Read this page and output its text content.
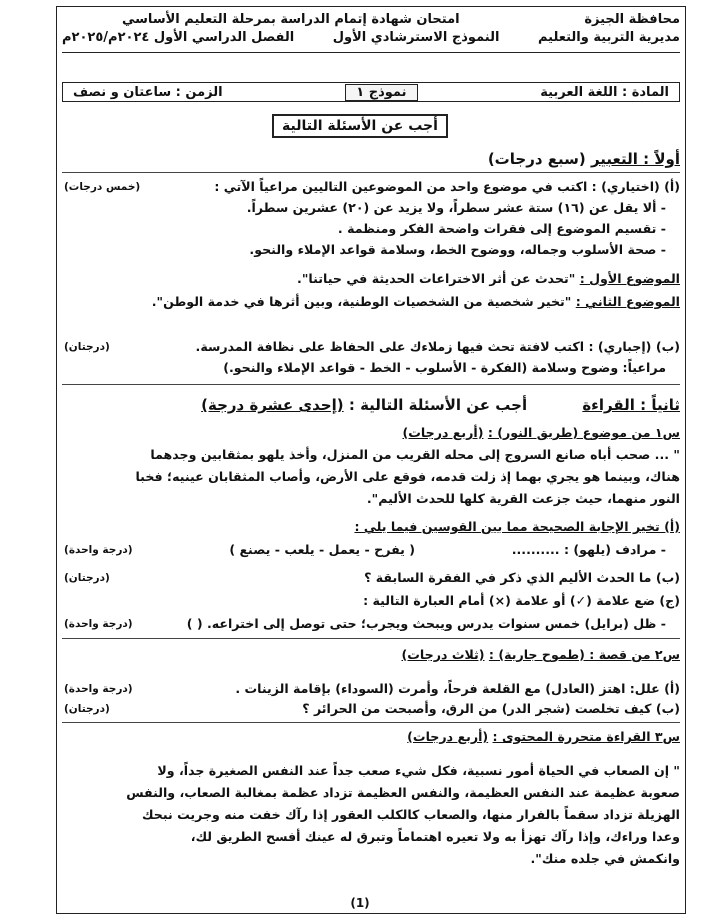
محافظة الجيزة
امتحان شهادة إتمام الدراسة بمرحلة التعليم الأساسي
مديرية التربية والتعليم
النموذج الاسترشادي الأول
الفصل الدراسي الأول ٢٠٢٤م/٢٠٢٥م
المادة : اللغة العربية
نموذج ١
الزمن : ساعتان و نصف
أجب عن الأسئلة التالية
أولاً : التعبير (سبع درجات)
(أ) (اختياري) : اكتب في موضوع واحد من الموضوعين التاليين مراعياً الآتي :
(خمس درجات)
- ألا يقل عن (١٦) ستة عشر سطراً، ولا يزيد عن (٢٠) عشرين سطراً.
- تقسيم الموضوع إلى فقرات واضحة الفكر ومنظمة .
- صحة الأسلوب وجماله، ووضوح الخط، وسلامة قواعد الإملاء والنحو.
الموضوع الأول : "تحدث عن أثر الاختراعات الحديثة في حياتنا".
الموضوع الثاني : "تخير شخصية من الشخصيات الوطنية، وبين أثرها في خدمة الوطن".
(ب) (إجباري) : اكتب لافتة تحث فيها زملاءك على الحفاظ على نظافة المدرسة.
(درجتان)
مراعياً: وضوح وسلامة (الفكرة - الأسلوب - الخط - قواعد الإملاء والنحو.)
ثانياً : القراءة أجب عن الأسئلة التالية : (إحدى عشرة درجة)
س١ من موضوع (طريق النور) : (أربع درجات)
" ... صحب أباه صانع السروج إلى محله القريب من المنزل، وأخذ يلهو بمثقابين وجدهما
هناك، وبينما هو يجري بهما إذ زلت قدمه، فوقع على الأرض، وأصاب المثقابان عينيه؛ فخبا
النور منهما، حيث جزعت القرية كلها للحدث الأليم".
(أ) تخير الإجابة الصحيحة مما بين القوسين فيما يلي :
- مرادف (يلهو) : ..........
( يفرح - يعمل - يلعب - يصنع )
(درجة واحدة)
(ب) ما الحدث الأليم الذي ذكر في الفقرة السابقة ؟
(درجتان)
(ج) ضع علامة (✓) أو علامة (×) أمام العبارة التالية :
- ظل (برايل) خمس سنوات يدرس ويبحث ويجرب؛ حتى توصل إلى اختراعه. ( )
(درجة واحدة)
س٢ من قصة : (طموح جارية) : (ثلاث درجات)
(أ) علل: اهتز (العادل) مع القلعة فرحاً، وأمرت (السوداء) بإقامة الزينات .
(درجة واحدة)
(ب) كيف تخلصت (شجر الدر) من الرق، وأصبحت من الحرائر ؟
(درجتان)
س٣ القراءة متحررة المحتوى : (أربع درجات)
" إن الصعاب في الحياة أمور نسبية، فكل شيء صعب جداً عند النفس الصغيرة جداً، ولا
صعوبة عظيمة عند النفس العظيمة، والنفس العظيمة تزداد عظمة بمغالبة الصعاب، والنفس
الهزيلة تزداد سقماً بالفرار منها، والصعاب كالكلب العقور إذا رآك خفت منه وجريت نبحك
وعدا وراءك، وإذا رآك تهزأ به ولا تعيره اهتماماً وتبرق له عينك أفسح الطريق لك،
وانكمش في جلده منك".
(1)
